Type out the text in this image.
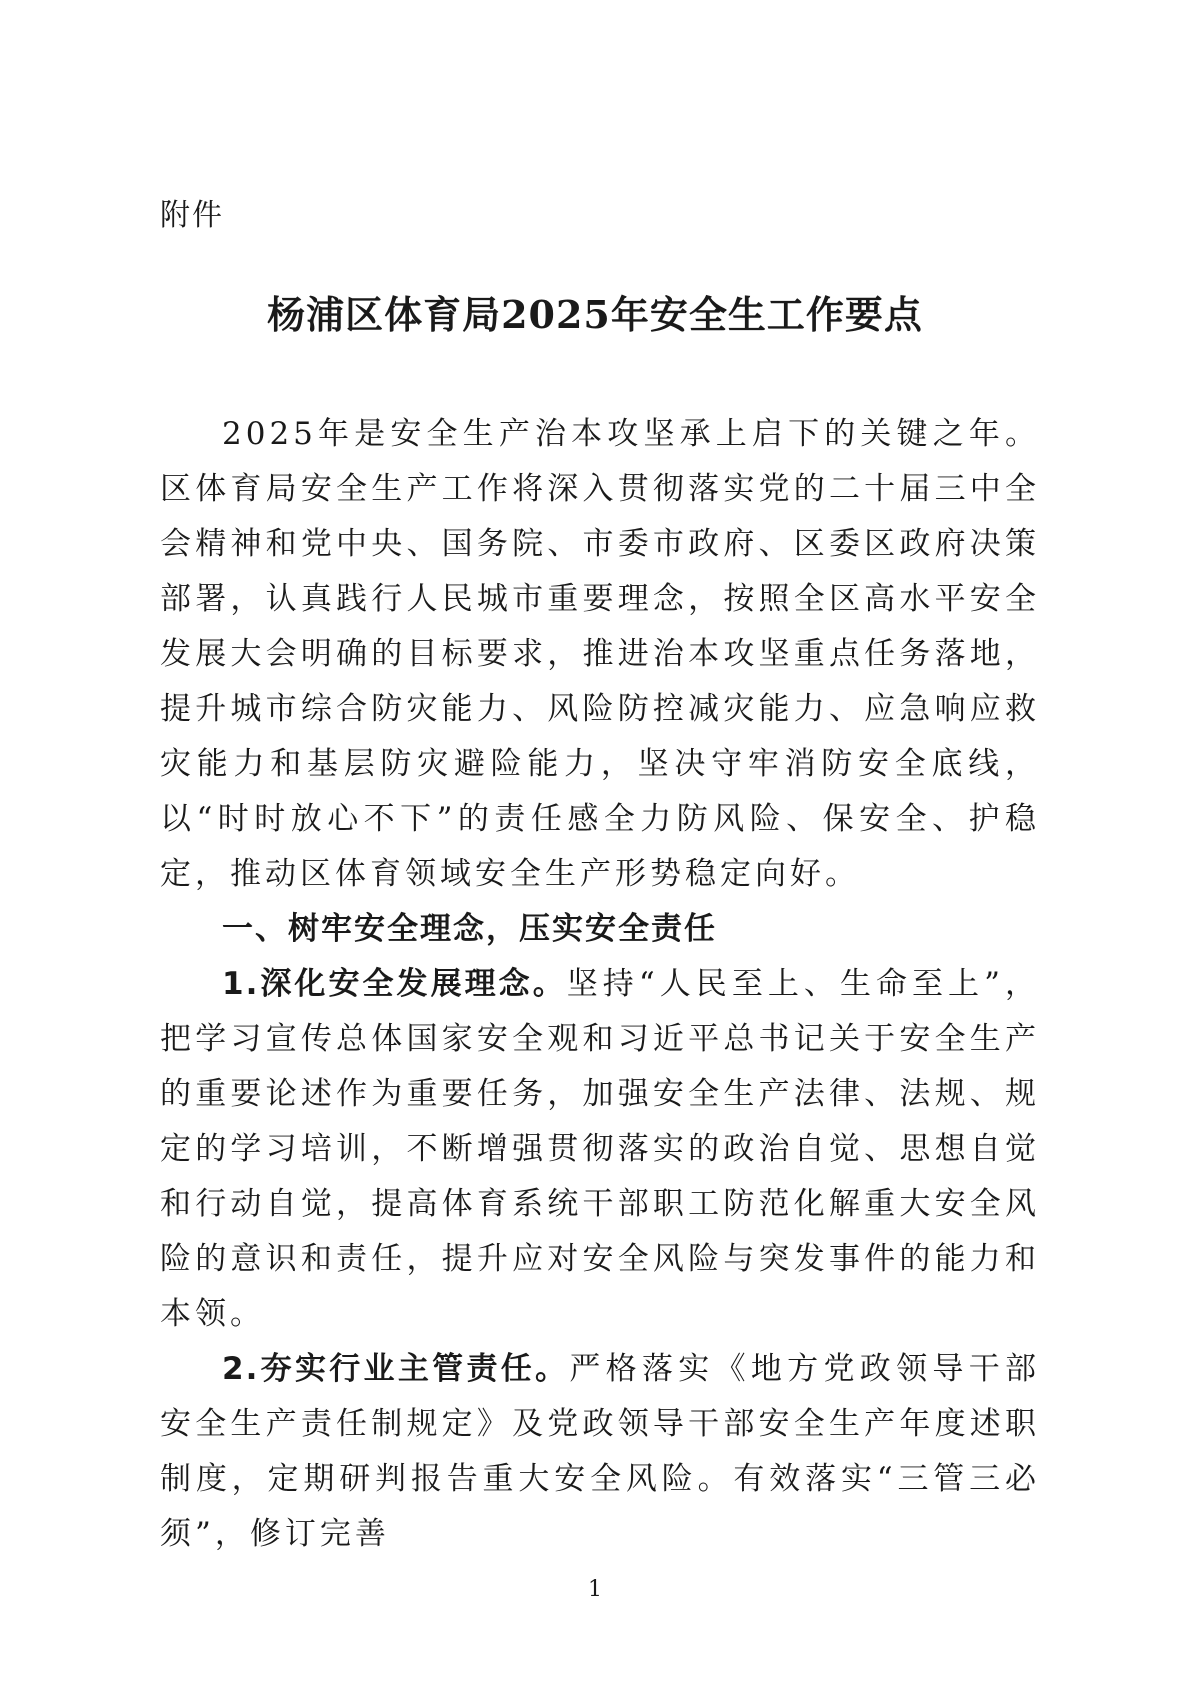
附件
杨浦区体育局2025年安全生工作要点

2025年是安全生产治本攻坚承上启下的关键之年。区体育局安全生产工作将深入贯彻落实党的二十届三中全会精神和党中央、国务院、市委市政府、区委区政府决策部署，认真践行人民城市重要理念，按照全区高水平安全发展大会明确的目标要求，推进治本攻坚重点任务落地，提升城市综合防灾能力、风险防控减灾能力、应急响应救灾能力和基层防灾避险能力，坚决守牢消防安全底线，以“时时放心不下”的责任感全力防风险、保安全、护稳定，推动区体育领域安全生产形势稳定向好。

一、树牢安全理念，压实安全责任

1.深化安全发展理念。坚持“人民至上、生命至上”，把学习宣传总体国家安全观和习近平总书记关于安全生产的重要论述作为重要任务，加强安全生产法律、法规、规定的学习培训，不断增强贯彻落实的政治自觉、思想自觉和行动自觉，提高体育系统干部职工防范化解重大安全风险的意识和责任，提升应对安全风险与突发事件的能力和本领。

2.夯实行业主管责任。严格落实《地方党政领导干部安全生产责任制规定》及党政领导干部安全生产年度述职制度，定期研判报告重大安全风险。有效落实“三管三必须”，修订完善

1
